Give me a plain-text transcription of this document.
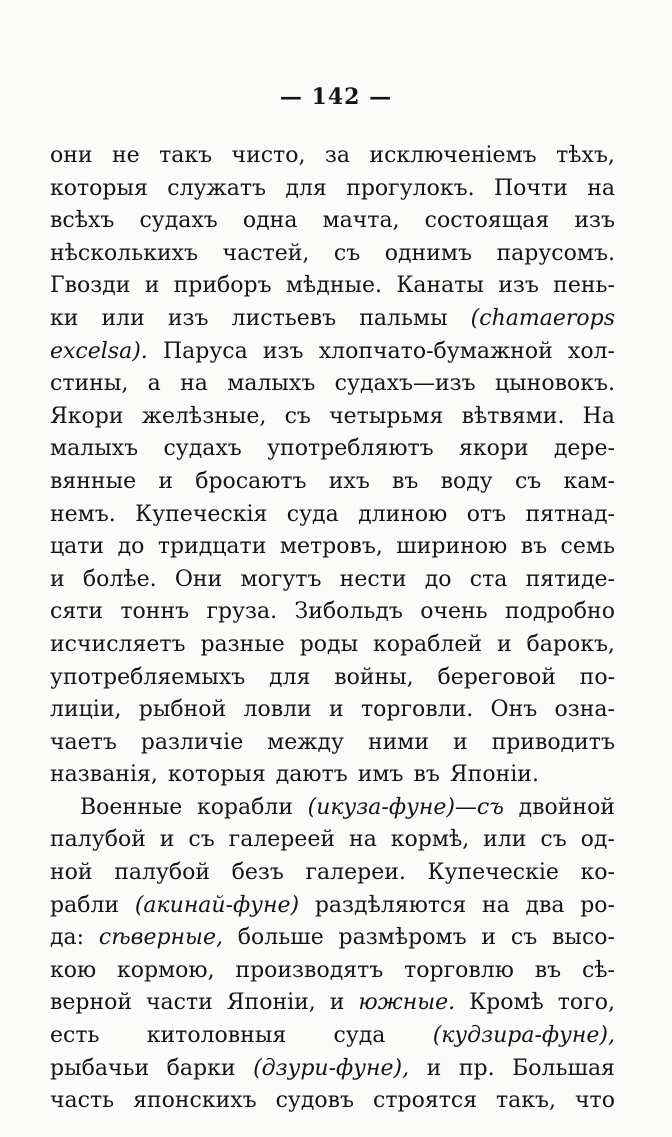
— 142 —
они не такъ чисто, за исключеніемъ тѣхъ,
которыя служатъ для прогулокъ. Почти на
всѣхъ судахъ одна мачта, состоящая изъ
нѣсколькихъ частей, съ однимъ парусомъ.
Гвозди и приборъ мѣдные. Канаты изъ пень-
ки или изъ листьевъ пальмы (chamaerops
excelsa). Паруса изъ хлопчато-бумажной хол-
стины, а на малыхъ судахъ—изъ цыновокъ.
Якори желѣзные, съ четырьмя вѣтвями. На
малыхъ судахъ употребляютъ якори дере-
вянные и бросаютъ ихъ въ воду съ кам-
немъ. Купеческія суда длиною отъ пятнад-
цати до тридцати метровъ, шириною въ семь
и болѣе. Они могутъ нести до ста пятиде-
сяти тоннъ груза. Зибольдъ очень подробно
исчисляетъ разные роды кораблей и барокъ,
употребляемыхъ для войны, береговой по-
лиціи, рыбной ловли и торговли. Онъ озна-
чаетъ различіе между ними и приводитъ
названія, которыя даютъ имъ въ Японіи.
Военные корабли (икуза-фуне)—съ двойной
палубой и съ галереей на кормѣ, или съ од-
ной палубой безъ галереи. Купеческіе ко-
рабли (акинай-фуне) раздѣляются на два ро-
да: сѣверные, больше размѣромъ и съ высо-
кою кормою, производятъ торговлю въ сѣ-
верной части Японіи, и южные. Кромѣ того,
есть китоловныя суда (кудзира-фуне),
рыбачьи барки (дзури-фуне), и пр. Большая
часть японскихъ судовъ строятся такъ, что
